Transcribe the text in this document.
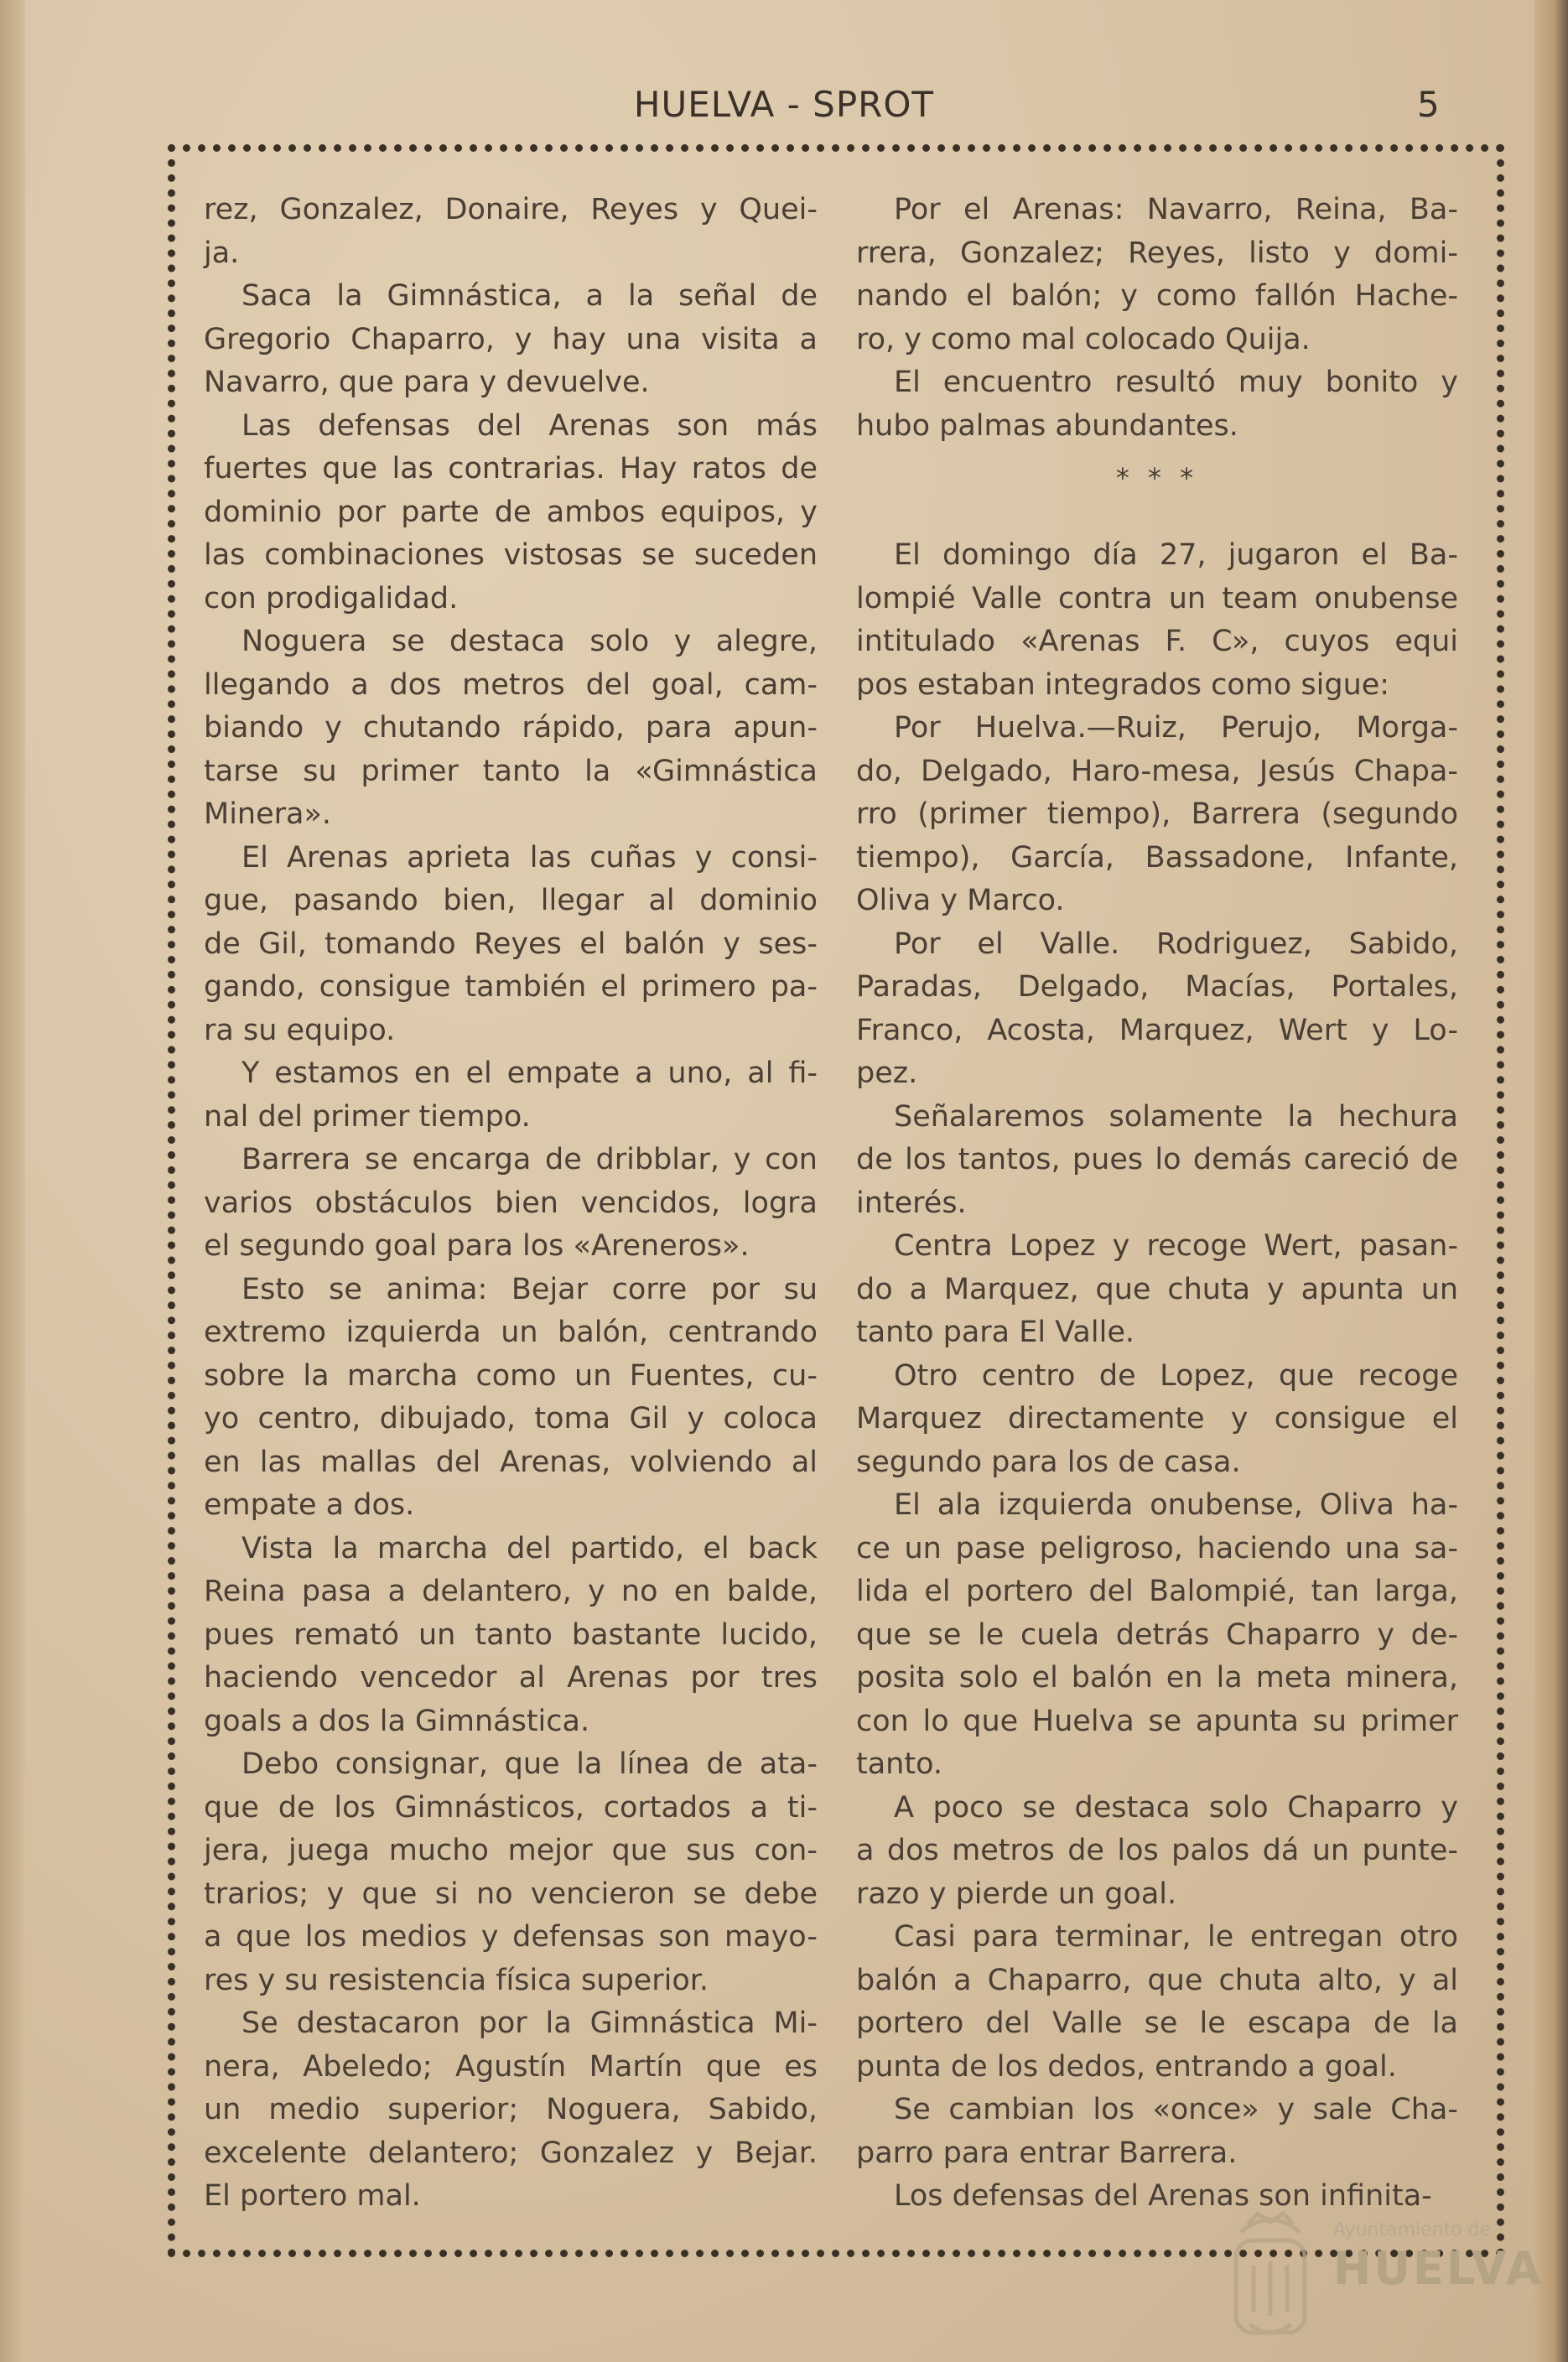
HUELVA - SPROT	5
rez, Gonzalez, Donaire, Reyes y Quei-
ja.
Saca la Gimnástica, a la señal de
Gregorio Chaparro, y hay una visita a
Navarro, que para y devuelve.
Las defensas del Arenas son más
fuertes que las contrarias. Hay ratos de
dominio por parte de ambos equipos, y
las combinaciones vistosas se suceden
con prodigalidad.
Noguera se destaca solo y alegre,
llegando a dos metros del goal, cam-
biando y chutando rápido, para apun-
tarse su primer tanto la «Gimnástica
Minera».
El Arenas aprieta las cuñas y consi-
gue, pasando bien, llegar al dominio
de Gil, tomando Reyes el balón y ses-
gando, consigue también el primero pa-
ra su equipo.
Y estamos en el empate a uno, al fi-
nal del primer tiempo.
Barrera se encarga de dribblar, y con
varios obstáculos bien vencidos, logra
el segundo goal para los «Areneros».
Esto se anima: Bejar corre por su
extremo izquierda un balón, centrando
sobre la marcha como un Fuentes, cu-
yo centro, dibujado, toma Gil y coloca
en las mallas del Arenas, volviendo al
empate a dos.
Vista la marcha del partido, el back
Reina pasa a delantero, y no en balde,
pues remató un tanto bastante lucido,
haciendo vencedor al Arenas por tres
goals a dos la Gimnástica.
Debo consignar, que la línea de ata-
que de los Gimnásticos, cortados a ti-
jera, juega mucho mejor que sus con-
trarios; y que si no vencieron se debe
a que los medios y defensas son mayo-
res y su resistencia física superior.
Se destacaron por la Gimnástica Mi-
nera, Abeledo; Agustín Martín que es
un medio superior; Noguera, Sabido,
excelente delantero; Gonzalez y Bejar.
El portero mal.
Por el Arenas: Navarro, Reina, Ba-
rrera, Gonzalez; Reyes, listo y domi-
nando el balón; y como fallón Hache-
ro, y como mal colocado Quija.
El encuentro resultó muy bonito y
hubo palmas abundantes.
* * *
El domingo día 27, jugaron el Ba-
lompié Valle contra un team onubense
intitulado «Arenas F. C», cuyos equi
pos estaban integrados como sigue:
Por Huelva.—Ruiz, Perujo, Morga-
do, Delgado, Haro-mesa, Jesús Chapa-
rro (primer tiempo), Barrera (segundo
tiempo), García, Bassadone, Infante,
Oliva y Marco.
Por el Valle. Rodriguez, Sabido,
Paradas, Delgado, Macías, Portales,
Franco, Acosta, Marquez, Wert y Lo-
pez.
Señalaremos solamente la hechura
de los tantos, pues lo demás careció de
interés.
Centra Lopez y recoge Wert, pasan-
do a Marquez, que chuta y apunta un
tanto para El Valle.
Otro centro de Lopez, que recoge
Marquez directamente y consigue el
segundo para los de casa.
El ala izquierda onubense, Oliva ha-
ce un pase peligroso, haciendo una sa-
lida el portero del Balompié, tan larga,
que se le cuela detrás Chaparro y de-
posita solo el balón en la meta minera,
con lo que Huelva se apunta su primer
tanto.
A poco se destaca solo Chaparro y
a dos metros de los palos dá un punte-
razo y pierde un goal.
Casi para terminar, le entregan otro
balón a Chaparro, que chuta alto, y al
portero del Valle se le escapa de la
punta de los dedos, entrando a goal.
Se cambian los «once» y sale Cha-
parro para entrar Barrera.
Los defensas del Arenas son infinita-
Ayuntamiento de
HUELVA
